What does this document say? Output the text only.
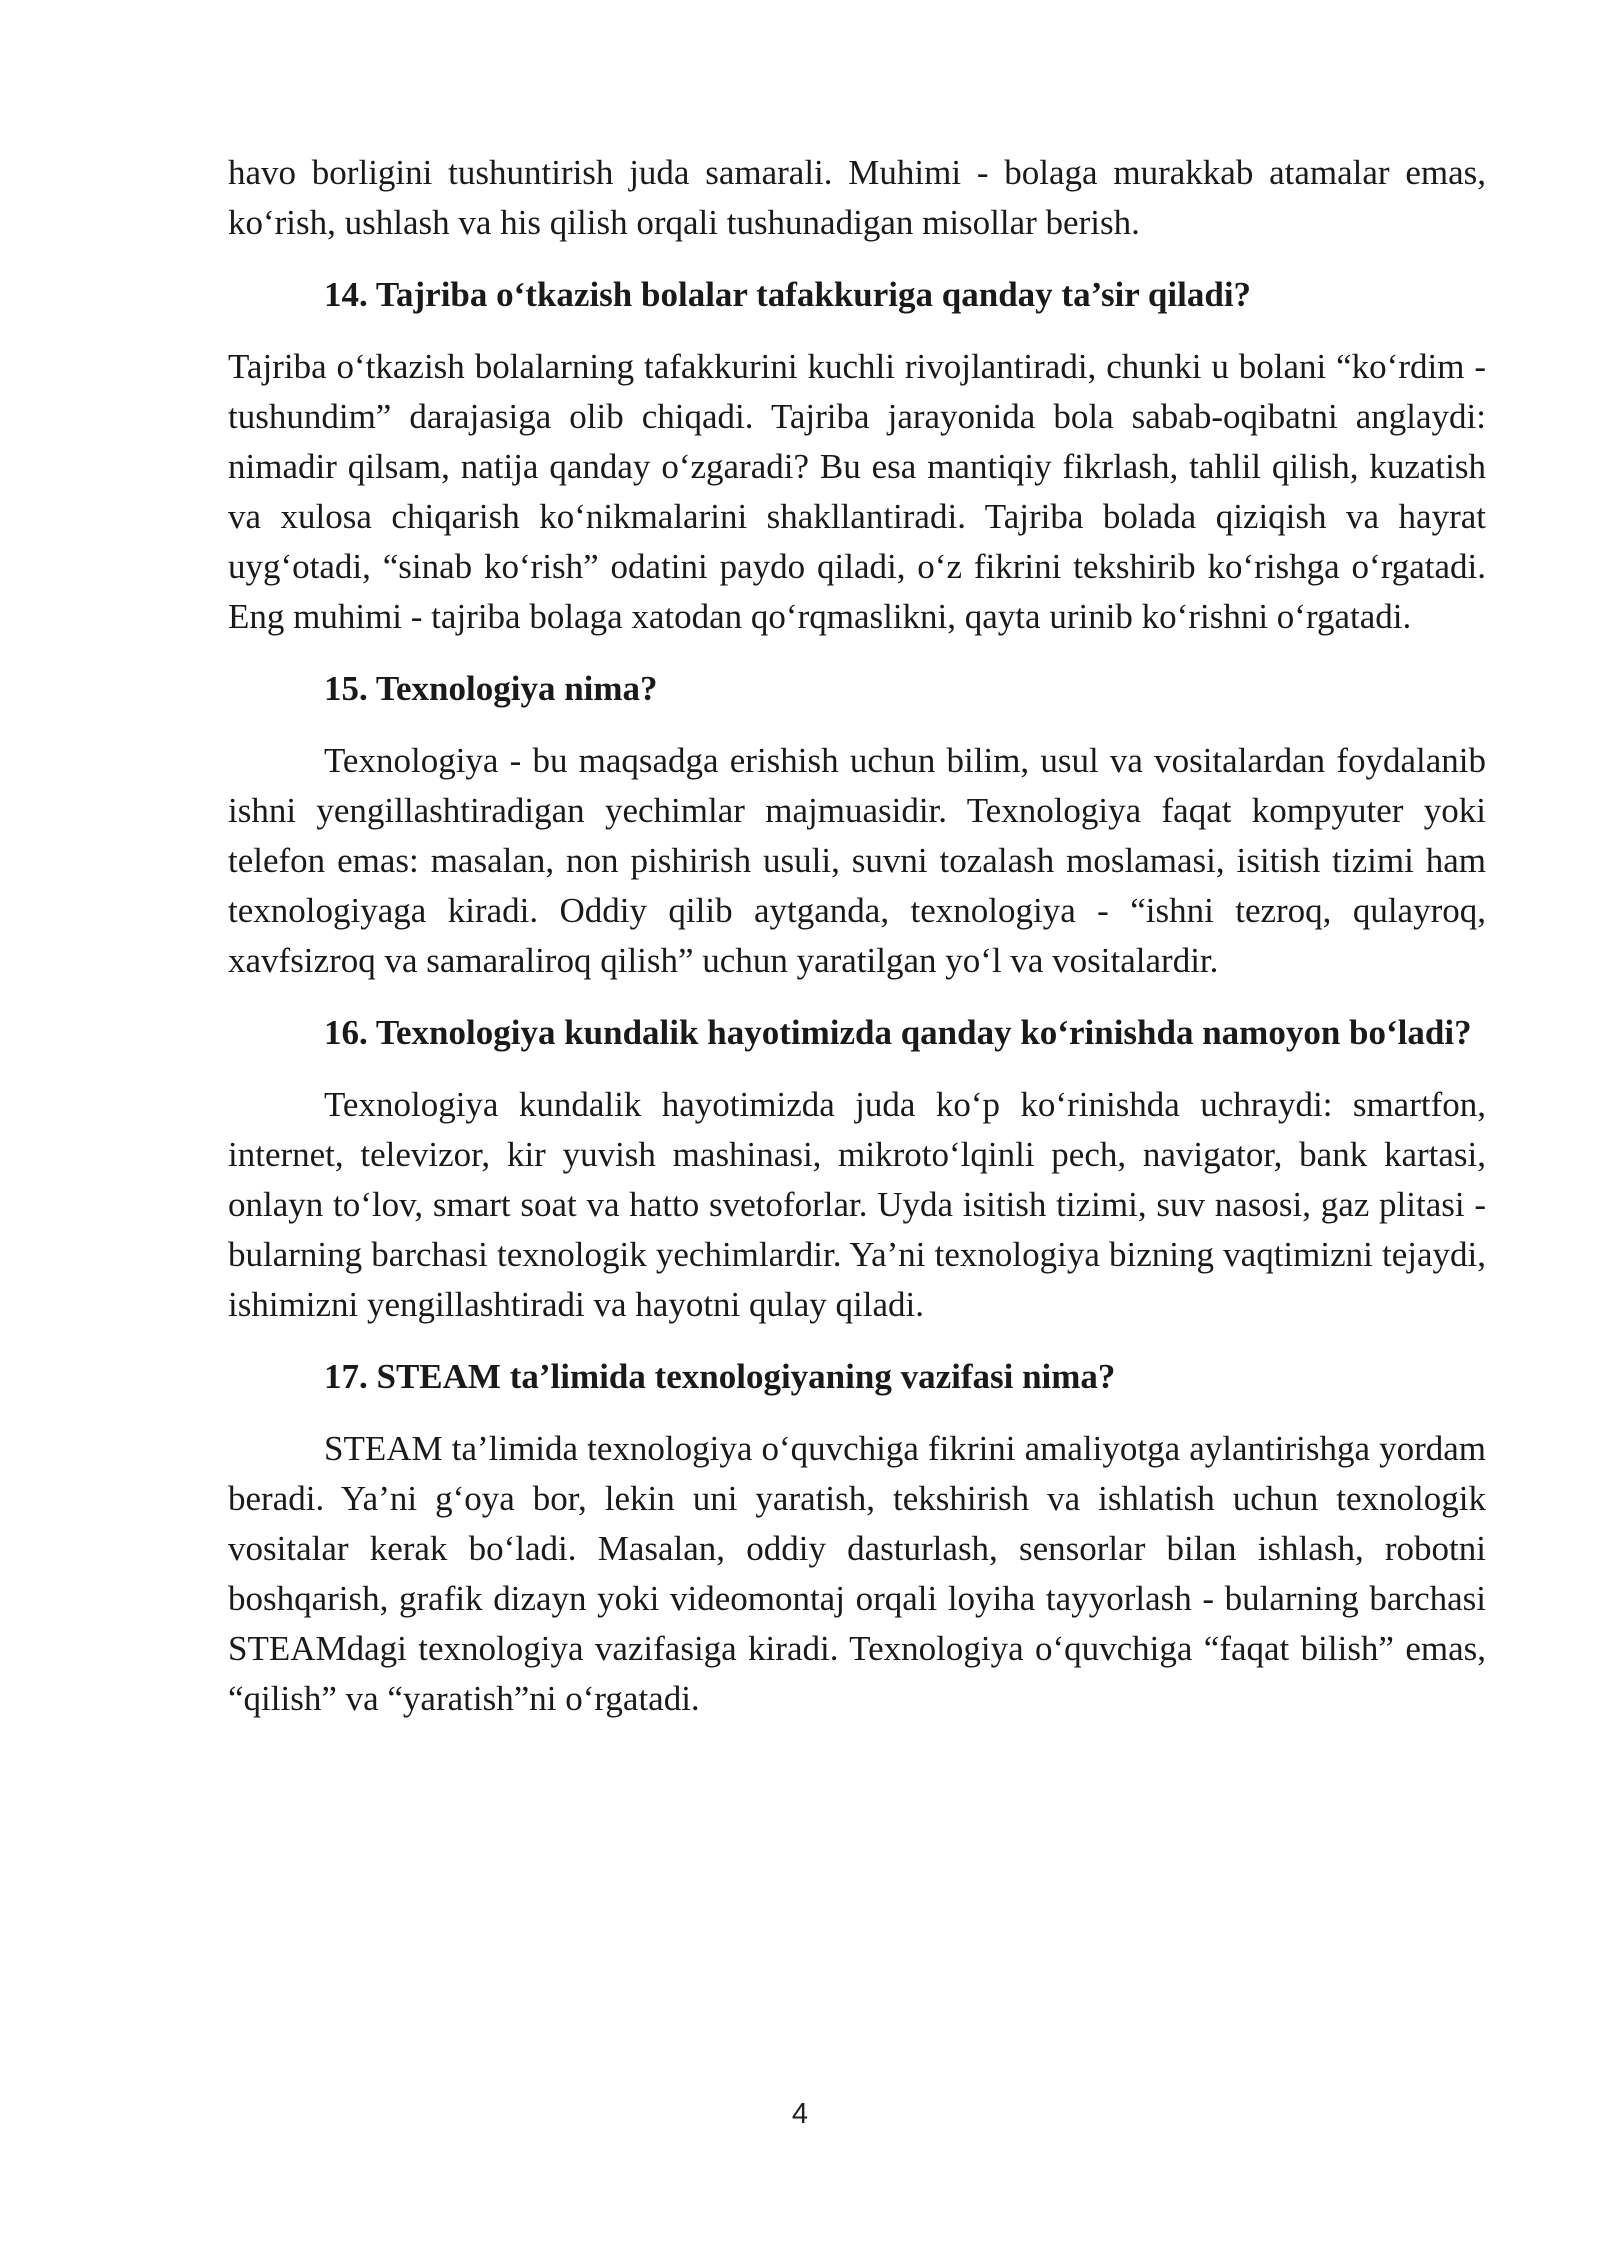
havo borligini tushuntirish juda samarali. Muhimi - bolaga murakkab atamalar emas, ko‘rish, ushlash va his qilish orqali tushunadigan misollar berish.

14. Tajriba o‘tkazish bolalar tafakkuriga qanday ta’sir qiladi?

Tajriba o‘tkazish bolalarning tafakkurini kuchli rivojlantiradi, chunki u bolani “ko‘rdim - tushundim” darajasiga olib chiqadi. Tajriba jarayonida bola sabab-oqibatni anglaydi: nimadir qilsam, natija qanday o‘zgaradi? Bu esa mantiqiy fikrlash, tahlil qilish, kuzatish va xulosa chiqarish ko‘nikmalarini shakllantiradi. Tajriba bolada qiziqish va hayrat uyg‘otadi, “sinab ko‘rish” odatini paydo qiladi, o‘z fikrini tekshirib ko‘rishga o‘rgatadi. Eng muhimi - tajriba bolaga xatodan qo‘rqmaslikni, qayta urinib ko‘rishni o‘rgatadi.

15. Texnologiya nima?

Texnologiya - bu maqsadga erishish uchun bilim, usul va vositalardan foydalanib ishni yengillashtiradigan yechimlar majmuasidir. Texnologiya faqat kompyuter yoki telefon emas: masalan, non pishirish usuli, suvni tozalash moslamasi, isitish tizimi ham texnologiyaga kiradi. Oddiy qilib aytganda, texnologiya - “ishni tezroq, qulayroq, xavfsizroq va samaraliroq qilish” uchun yaratilgan yo‘l va vositalardir.

16. Texnologiya kundalik hayotimizda qanday ko‘rinishda namoyon bo‘ladi?

Texnologiya kundalik hayotimizda juda ko‘p ko‘rinishda uchraydi: smartfon, internet, televizor, kir yuvish mashinasi, mikroto‘lqinli pech, navigator, bank kartasi, onlayn to‘lov, smart soat va hatto svetoforlar. Uyda isitish tizimi, suv nasosi, gaz plitasi - bularning barchasi texnologik yechimlardir. Ya’ni texnologiya bizning vaqtimizni tejaydi, ishimizni yengillashtiradi va hayotni qulay qiladi.

17. STEAM ta’limida texnologiyaning vazifasi nima?

STEAM ta’limida texnologiya o‘quvchiga fikrini amaliyotga aylantirishga yordam beradi. Ya’ni g‘oya bor, lekin uni yaratish, tekshirish va ishlatish uchun texnologik vositalar kerak bo‘ladi. Masalan, oddiy dasturlash, sensorlar bilan ishlash, robotni boshqarish, grafik dizayn yoki videomontaj orqali loyiha tayyorlash - bularning barchasi STEAMdagi texnologiya vazifasiga kiradi. Texnologiya o‘quvchiga “faqat bilish” emas, “qilish” va “yaratish”ni o‘rgatadi.

4
